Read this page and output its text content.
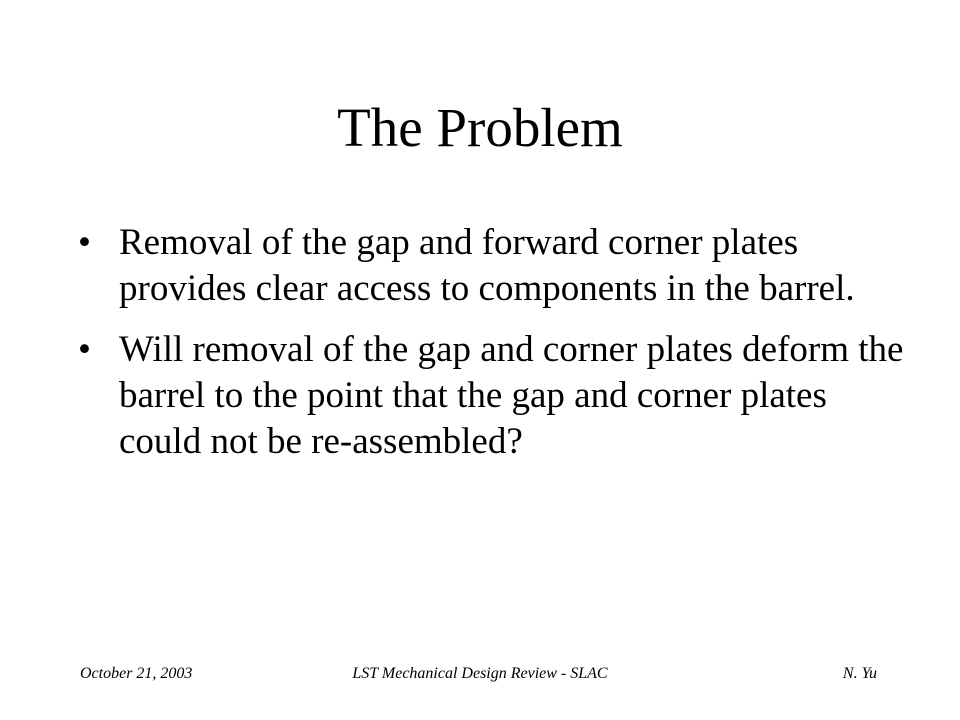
The Problem
• Removal of the gap and forward corner plates provides clear access to components in the barrel.
• Will removal of the gap and corner plates deform the barrel to the point that the gap and corner plates could not be re-assembled?

October 21, 2003	LST Mechanical Design Review - SLAC	N. Yu
